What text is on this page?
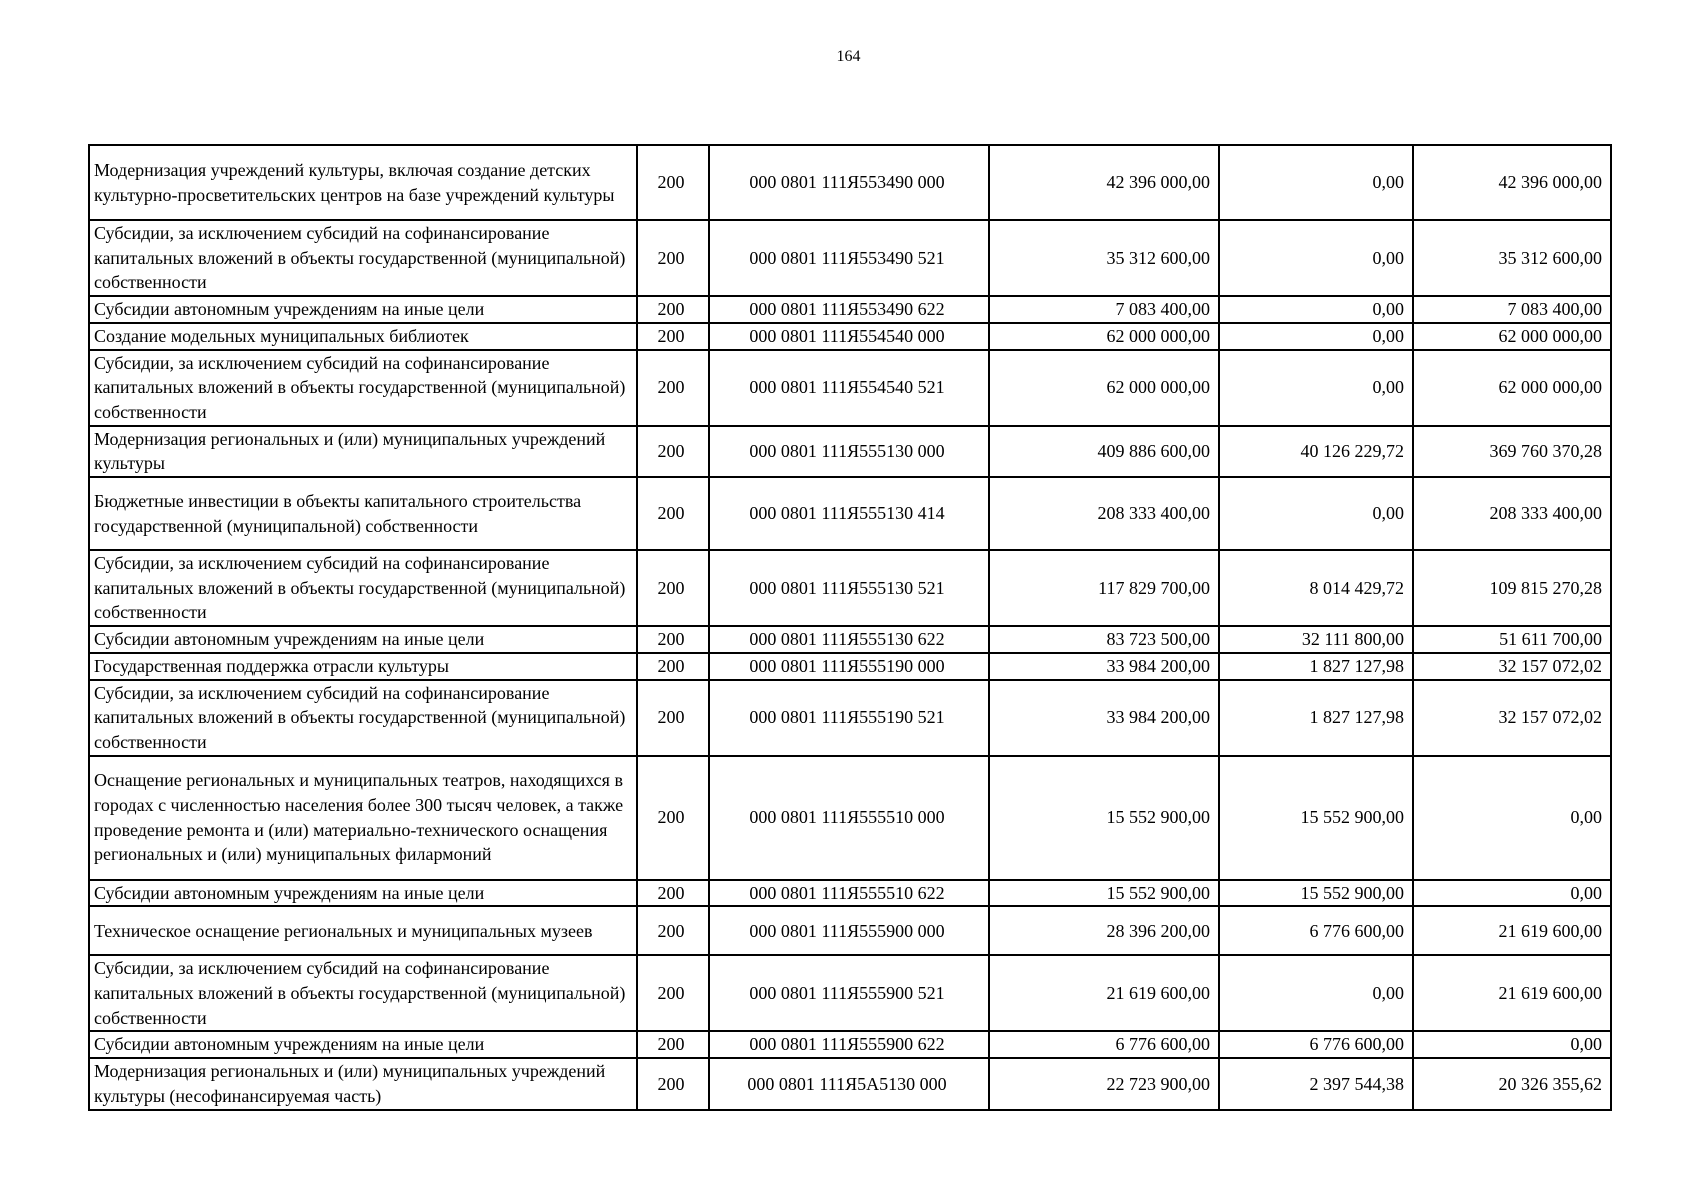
164
Модернизация учреждений культуры, включая создание детских культурно-просветительских центров на базе учреждений культуры	200	000 0801 111Я553490 000	42 396 000,00	0,00	42 396 000,00
Субсидии, за исключением субсидий на софинансирование капитальных вложений в объекты государственной (муниципальной) собственности	200	000 0801 111Я553490 521	35 312 600,00	0,00	35 312 600,00
Субсидии автономным учреждениям на иные цели	200	000 0801 111Я553490 622	7 083 400,00	0,00	7 083 400,00
Создание модельных муниципальных библиотек	200	000 0801 111Я554540 000	62 000 000,00	0,00	62 000 000,00
Субсидии, за исключением субсидий на софинансирование капитальных вложений в объекты государственной (муниципальной) собственности	200	000 0801 111Я554540 521	62 000 000,00	0,00	62 000 000,00
Модернизация региональных и (или) муниципальных учреждений культуры	200	000 0801 111Я555130 000	409 886 600,00	40 126 229,72	369 760 370,28
Бюджетные инвестиции в объекты капитального строительства государственной (муниципальной) собственности	200	000 0801 111Я555130 414	208 333 400,00	0,00	208 333 400,00
Субсидии, за исключением субсидий на софинансирование капитальных вложений в объекты государственной (муниципальной) собственности	200	000 0801 111Я555130 521	117 829 700,00	8 014 429,72	109 815 270,28
Субсидии автономным учреждениям на иные цели	200	000 0801 111Я555130 622	83 723 500,00	32 111 800,00	51 611 700,00
Государственная поддержка отрасли культуры	200	000 0801 111Я555190 000	33 984 200,00	1 827 127,98	32 157 072,02
Субсидии, за исключением субсидий на софинансирование капитальных вложений в объекты государственной (муниципальной) собственности	200	000 0801 111Я555190 521	33 984 200,00	1 827 127,98	32 157 072,02
Оснащение региональных и муниципальных театров, находящихся в городах с численностью населения более 300 тысяч человек, а также проведение ремонта и (или) материально-технического оснащения региональных и (или) муниципальных филармоний	200	000 0801 111Я555510 000	15 552 900,00	15 552 900,00	0,00
Субсидии автономным учреждениям на иные цели	200	000 0801 111Я555510 622	15 552 900,00	15 552 900,00	0,00
Техническое оснащение региональных и муниципальных музеев	200	000 0801 111Я555900 000	28 396 200,00	6 776 600,00	21 619 600,00
Субсидии, за исключением субсидий на софинансирование капитальных вложений в объекты государственной (муниципальной) собственности	200	000 0801 111Я555900 521	21 619 600,00	0,00	21 619 600,00
Субсидии автономным учреждениям на иные цели	200	000 0801 111Я555900 622	6 776 600,00	6 776 600,00	0,00
Модернизация региональных и (или) муниципальных учреждений культуры (несофинансируемая часть)	200	000 0801 111Я5А5130 000	22 723 900,00	2 397 544,38	20 326 355,62
